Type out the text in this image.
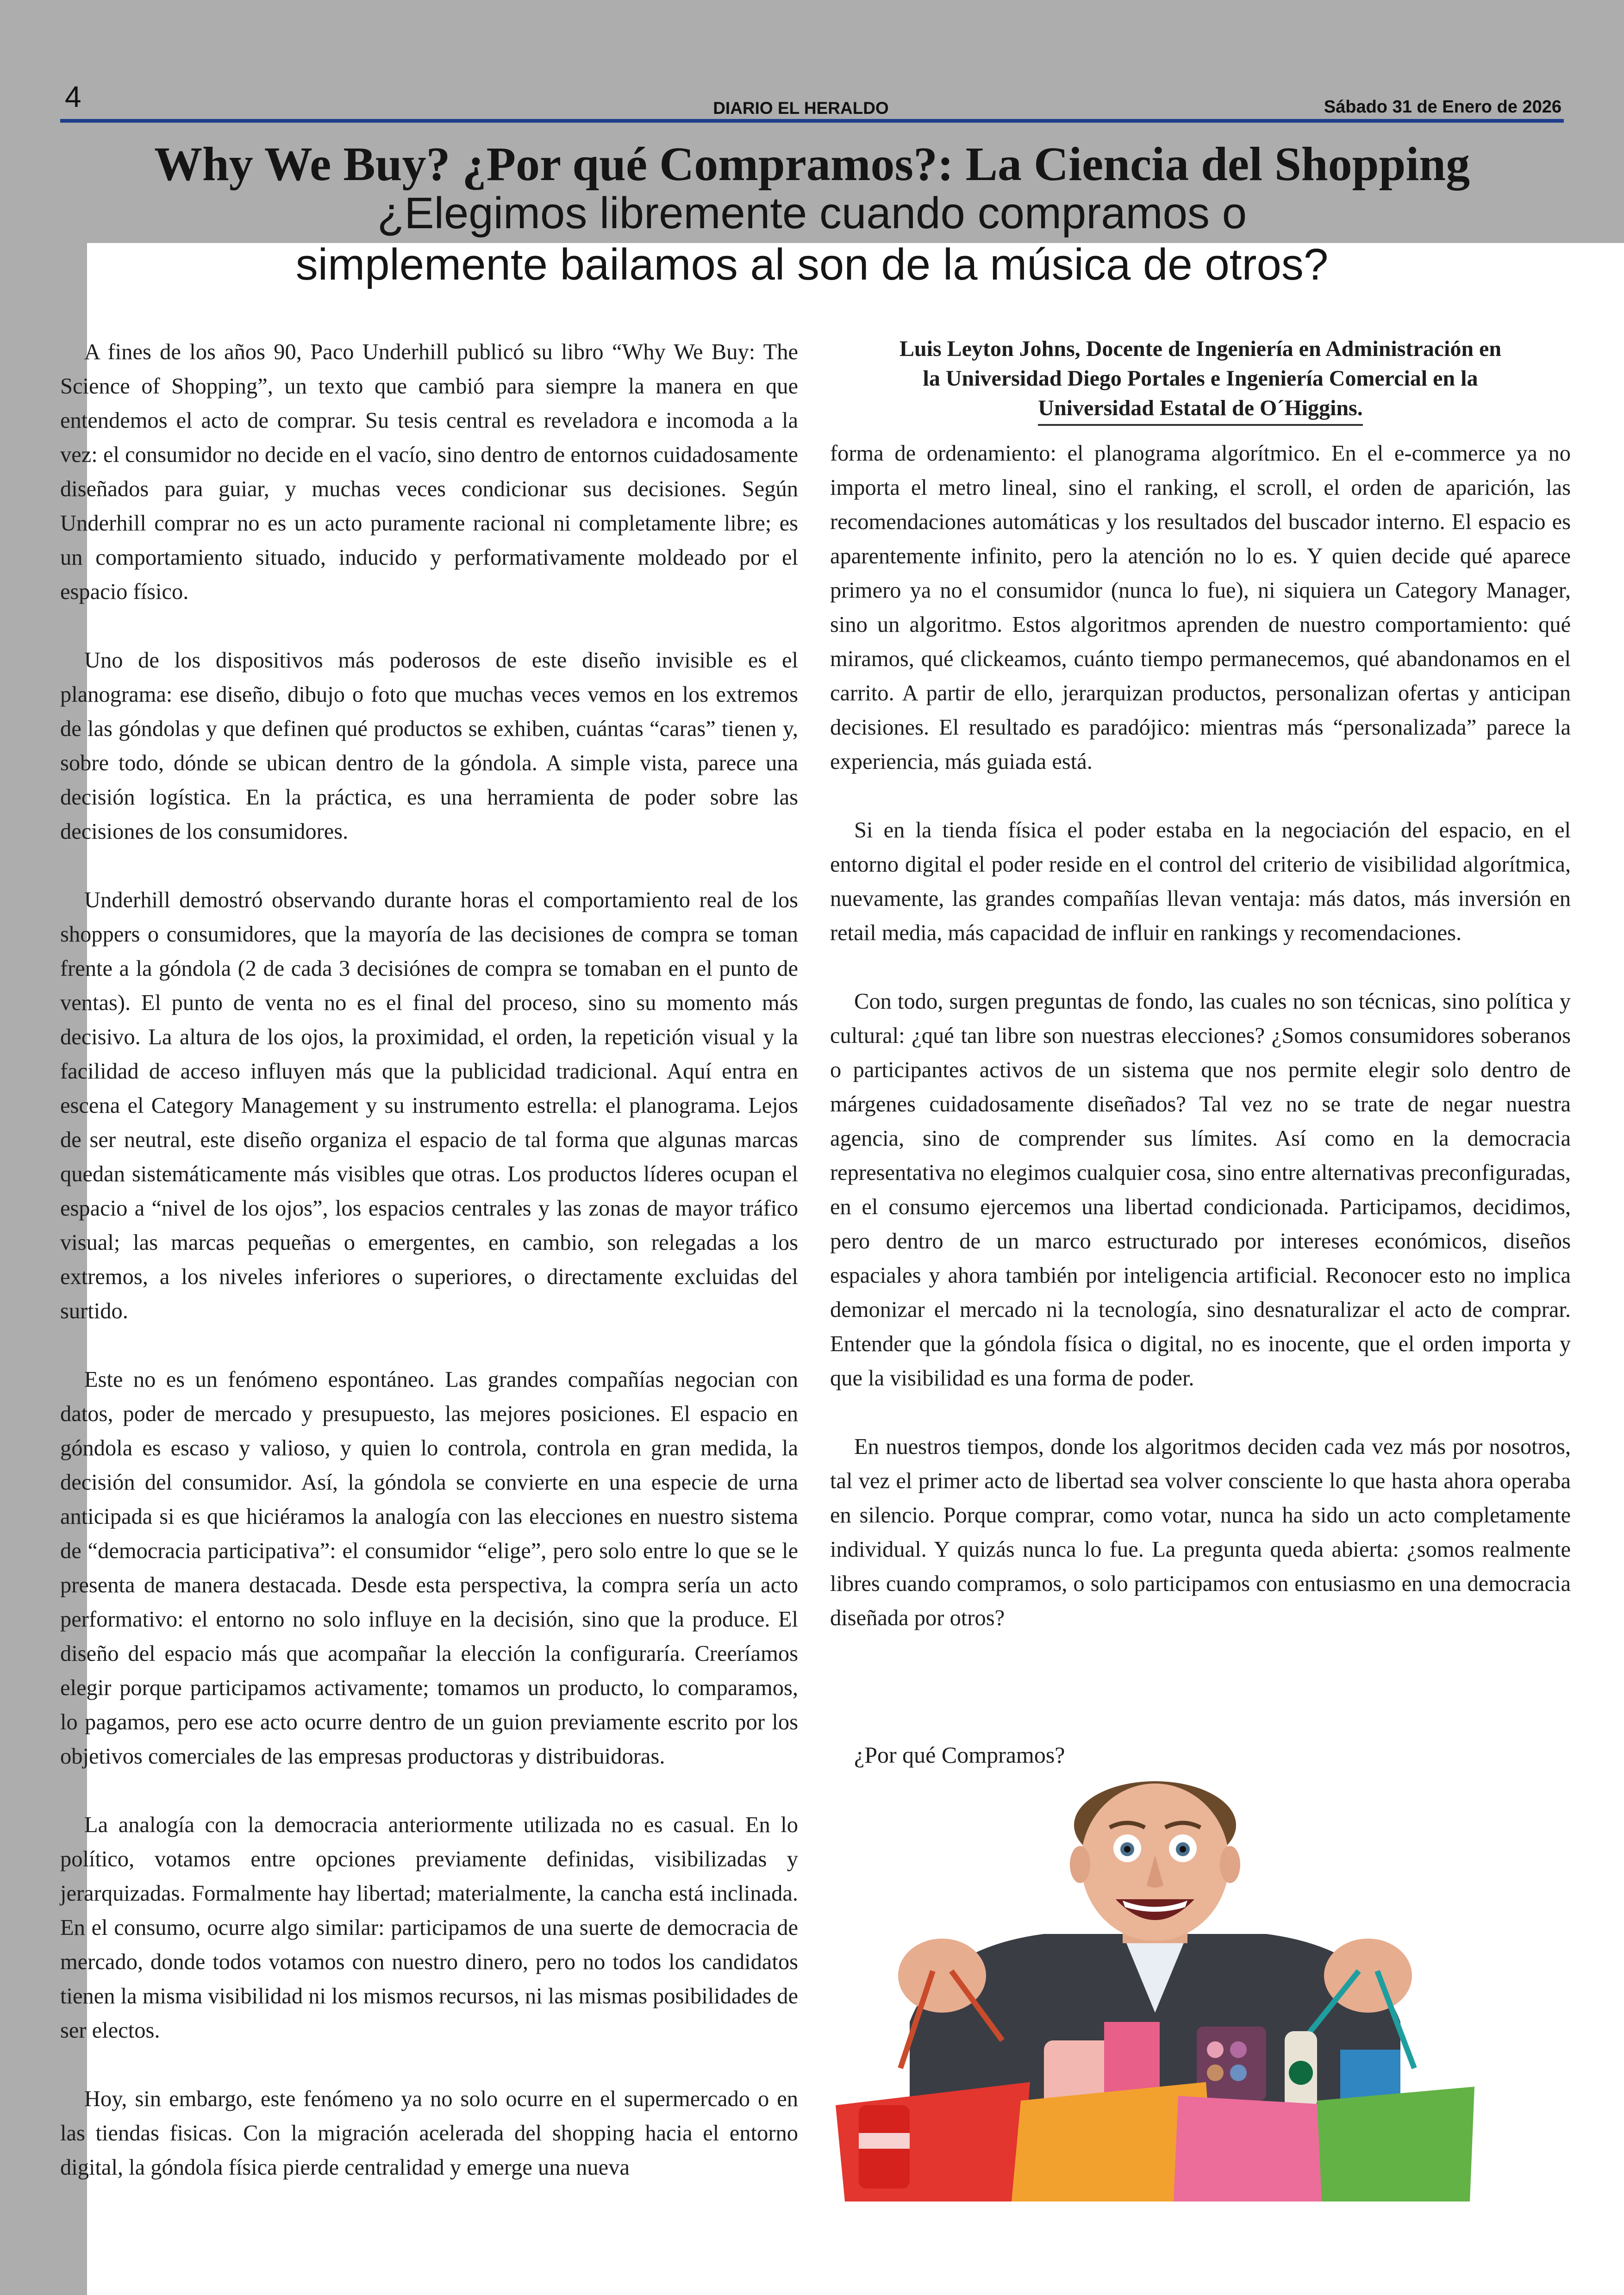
4	DIARIO EL HERALDO	Sábado 31 de Enero de 2026
Why We Buy? ¿Por qué Compramos?: La Ciencia del Shopping
¿Elegimos libremente cuando compramos o
simplemente bailamos al son de la música de otros?

A fines de los años 90, Paco Underhill publicó su libro “Why We Buy: The Science of Shopping”, un texto que cambió para siempre la manera en que entendemos el acto de comprar. Su tesis central es reveladora e incomoda a la vez: el consumidor no decide en el vacío, sino dentro de entornos cuidadosamente diseñados para guiar, y muchas veces condicionar sus decisiones. Según Underhill comprar no es un acto puramente racional ni completamente libre; es un comportamiento situado, inducido y performativamente moldeado por el espacio físico.

Uno de los dispositivos más poderosos de este diseño invisible es el planograma: ese diseño, dibujo o foto que muchas veces vemos en los extremos de las góndolas y que definen qué productos se exhiben, cuántas “caras” tienen y, sobre todo, dónde se ubican dentro de la góndola. A simple vista, parece una decisión logística. En la práctica, es una herramienta de poder sobre las decisiones de los consumidores.

Underhill demostró observando durante horas el comportamiento real de los shoppers o consumidores, que la mayoría de las decisiones de compra se toman frente a la góndola (2 de cada 3 decisiónes de compra se tomaban en el punto de ventas). El punto de venta no es el final del proceso, sino su momento más decisivo. La altura de los ojos, la proximidad, el orden, la repetición visual y la facilidad de acceso influyen más que la publicidad tradicional. Aquí entra en escena el Category Management y su instrumento estrella: el planograma. Lejos de ser neutral, este diseño organiza el espacio de tal forma que algunas marcas quedan sistemáticamente más visibles que otras. Los productos líderes ocupan el espacio a “nivel de los ojos”, los espacios centrales y las zonas de mayor tráfico visual; las marcas pequeñas o emergentes, en cambio, son relegadas a los extremos, a los niveles inferiores o superiores, o directamente excluidas del surtido.

Este no es un fenómeno espontáneo. Las grandes compañías negocian con datos, poder de mercado y presupuesto, las mejores posiciones. El espacio en góndola es escaso y valioso, y quien lo controla, controla en gran medida, la decisión del consumidor. Así, la góndola se convierte en una especie de urna anticipada si es que hiciéramos la analogía con las elecciones en nuestro sistema de “democracia participativa”: el consumidor “elige”, pero solo entre lo que se le presenta de manera destacada. Desde esta perspectiva, la compra sería un acto performativo: el entorno no solo influye en la decisión, sino que la produce. El diseño del espacio más que acompañar la elección la configuraría. Creeríamos elegir porque participamos activamente; tomamos un producto, lo comparamos, lo pagamos, pero ese acto ocurre dentro de un guion previamente escrito por los objetivos comerciales de las empresas productoras y distribuidoras.

La analogía con la democracia anteriormente utilizada no es casual. En lo político, votamos entre opciones previamente definidas, visibilizadas y jerarquizadas. Formalmente hay libertad; materialmente, la cancha está inclinada. En el consumo, ocurre algo similar: participamos de una suerte de democracia de mercado, donde todos votamos con nuestro dinero, pero no todos los candidatos tienen la misma visibilidad ni los mismos recursos, ni las mismas posibilidades de ser electos.

Hoy, sin embargo, este fenómeno ya no solo ocurre en el supermercado o en las tiendas fisicas. Con la migración acelerada del shopping hacia el entorno digital, la góndola física pierde centralidad y emerge una nueva

Luis Leyton Johns, Docente de Ingeniería en Administración en
la Universidad Diego Portales e Ingeniería Comercial en la
Universidad Estatal de O´Higgins.

forma de ordenamiento: el planograma algorítmico. En el e-commerce ya no importa el metro lineal, sino el ranking, el scroll, el orden de aparición, las recomendaciones automáticas y los resultados del buscador interno. El espacio es aparentemente infinito, pero la atención no lo es. Y quien decide qué aparece primero ya no el consumidor (nunca lo fue), ni siquiera un Category Manager, sino un algoritmo. Estos algoritmos aprenden de nuestro comportamiento: qué miramos, qué clickeamos, cuánto tiempo permanecemos, qué abandonamos en el carrito. A partir de ello, jerarquizan productos, personalizan ofertas y anticipan decisiones. El resultado es paradójico: mientras más “personalizada” parece la experiencia, más guiada está.

Si en la tienda física el poder estaba en la negociación del espacio, en el entorno digital el poder reside en el control del criterio de visibilidad algorítmica, nuevamente, las grandes compañías llevan ventaja: más datos, más inversión en retail media, más capacidad de influir en rankings y recomendaciones.

Con todo, surgen preguntas de fondo, las cuales no son técnicas, sino política y cultural: ¿qué tan libre son nuestras elecciones? ¿Somos consumidores soberanos o participantes activos de un sistema que nos permite elegir solo dentro de márgenes cuidadosamente diseñados? Tal vez no se trate de negar nuestra agencia, sino de comprender sus límites. Así como en la democracia representativa no elegimos cualquier cosa, sino entre alternativas preconfiguradas, en el consumo ejercemos una libertad condicionada. Participamos, decidimos, pero dentro de un marco estructurado por intereses económicos, diseños espaciales y ahora también por inteligencia artificial. Reconocer esto no implica demonizar el mercado ni la tecnología, sino desnaturalizar el acto de comprar. Entender que la góndola física o digital, no es inocente, que el orden importa y que la visibilidad es una forma de poder.

En nuestros tiempos, donde los algoritmos deciden cada vez más por nosotros, tal vez el primer acto de libertad sea volver consciente lo que hasta ahora operaba en silencio. Porque comprar, como votar, nunca ha sido un acto completamente individual. Y quizás nunca lo fue. La pregunta queda abierta: ¿somos realmente libres cuando compramos, o solo participamos con entusiasmo en una democracia diseñada por otros?

¿Por qué Compramos?
